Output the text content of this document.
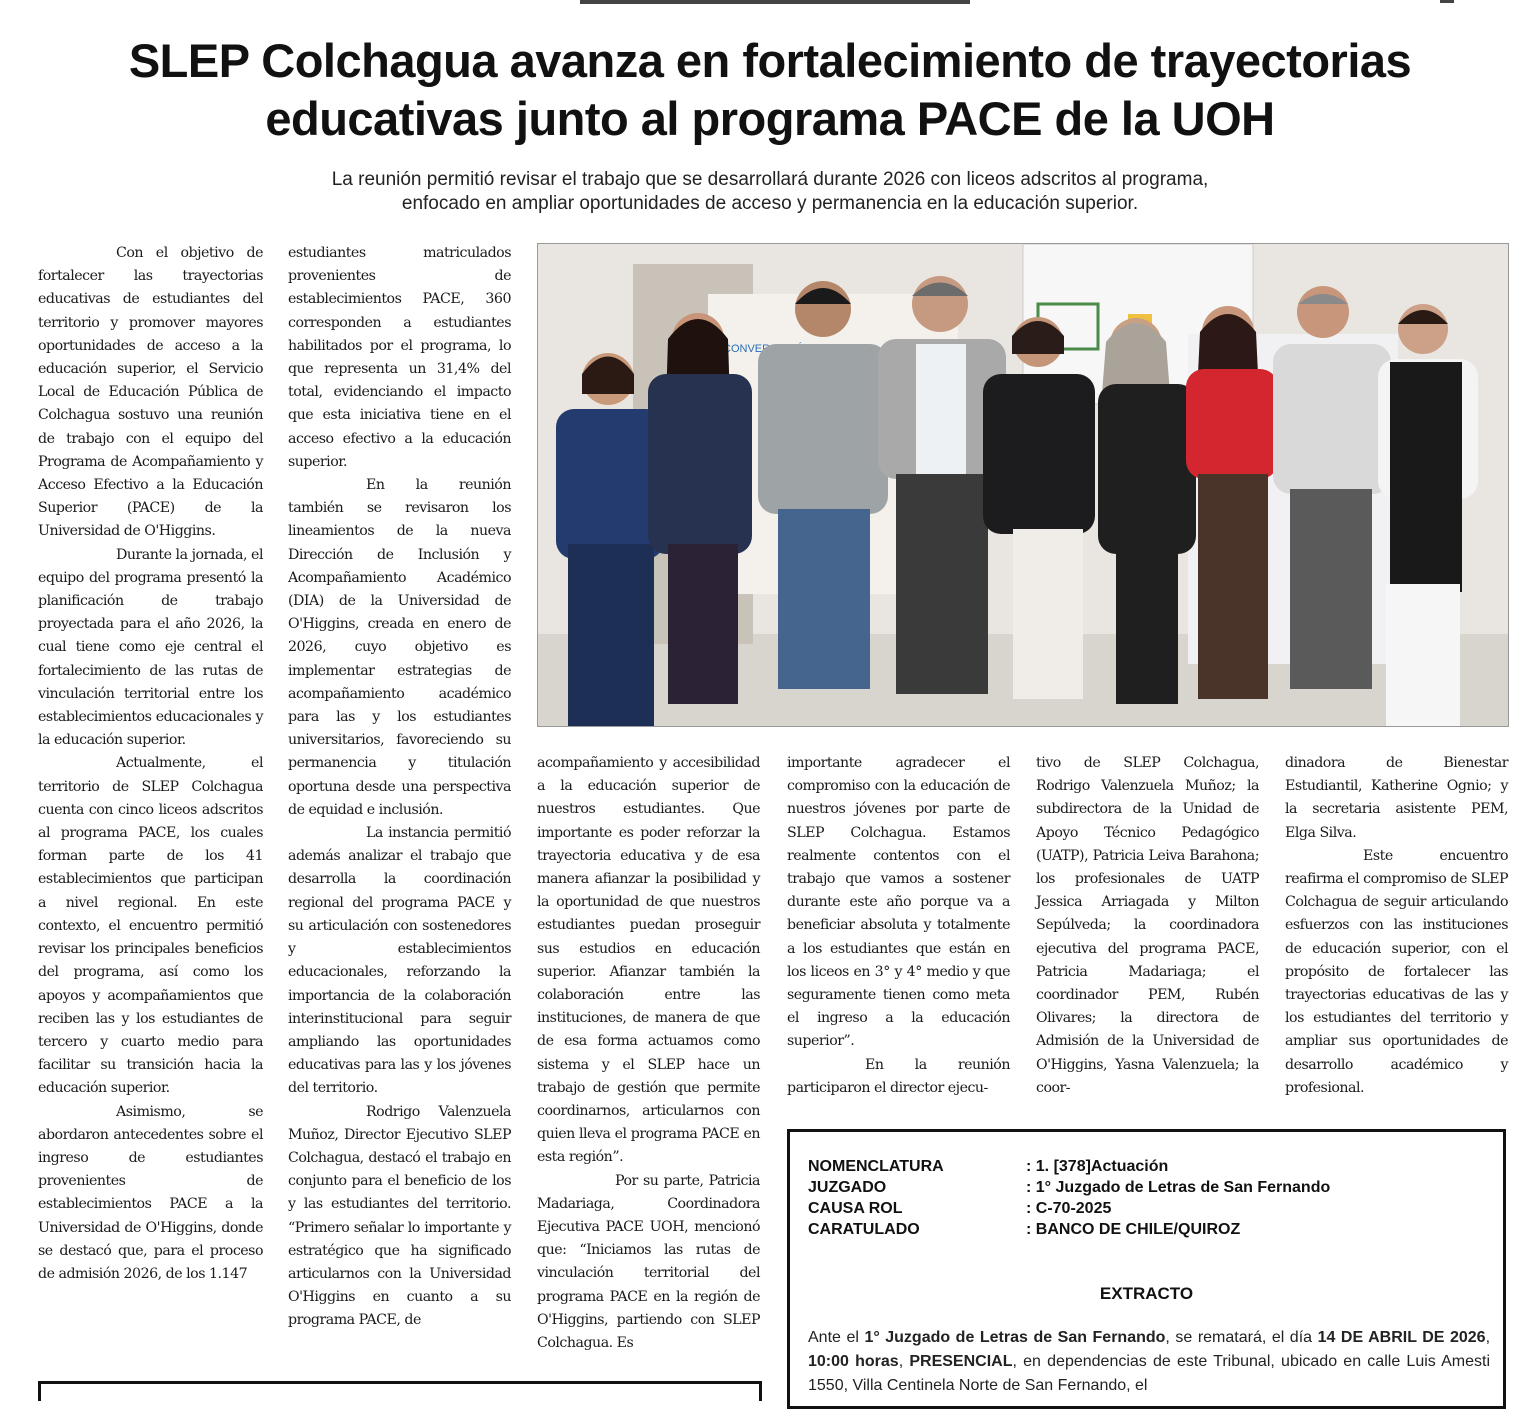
SLEP Colchagua avanza en fortalecimiento de trayectorias
educativas junto al programa PACE de la UOH

La reunión permitió revisar el trabajo que se desarrollará durante 2026 con liceos adscritos al programa,
enfocado en ampliar oportunidades de acceso y permanencia en la educación superior.

Con el objetivo de fortalecer las trayectorias educativas de estudiantes del territorio y promover mayores oportunidades de acceso a la educación superior, el Servicio Local de Educación Pública de Colchagua sostuvo una reunión de trabajo con el equipo del Programa de Acompañamiento y Acceso Efectivo a la Educación Superior (PACE) de la Universidad de O'Higgins.

Durante la jornada, el equipo del programa presentó la planificación de trabajo proyectada para el año 2026, la cual tiene como eje central el fortalecimiento de las rutas de vinculación territorial entre los establecimientos educacionales y la educación superior.

Actualmente, el territorio de SLEP Colchagua cuenta con cinco liceos adscritos al programa PACE, los cuales forman parte de los 41 establecimientos que participan a nivel regional. En este contexto, el encuentro permitió revisar los principales beneficios del programa, así como los apoyos y acompañamientos que reciben las y los estudiantes de tercero y cuarto medio para facilitar su transición hacia la educación superior.

Asimismo, se abordaron antecedentes sobre el ingreso de estudiantes provenientes de establecimientos PACE a la Universidad de O'Higgins, donde se destacó que, para el proceso de admisión 2026, de los 1.147

estudiantes matriculados provenientes de establecimientos PACE, 360 corresponden a estudiantes habilitados por el programa, lo que representa un 31,4% del total, evidenciando el impacto que esta iniciativa tiene en el acceso efectivo a la educación superior.

En la reunión también se revisaron los lineamientos de la nueva Dirección de Inclusión y Acompañamiento Académico (DIA) de la Universidad de O'Higgins, creada en enero de 2026, cuyo objetivo es implementar estrategias de acompañamiento académico para las y los estudiantes universitarios, favoreciendo su permanencia y titulación oportuna desde una perspectiva de equidad e inclusión.

La instancia permitió además analizar el trabajo que desarrolla la coordinación regional del programa PACE y su articulación con sostenedores y establecimientos educacionales, reforzando la importancia de la colaboración interinstitucional para seguir ampliando las oportunidades educativas para las y los jóvenes del territorio.

Rodrigo Valenzuela Muñoz, Director Ejecutivo SLEP Colchagua, destacó el trabajo en conjunto para el beneficio de los y las estudiantes del territorio. “Primero señalar lo importante y estratégico que ha significado articularnos con la Universidad O'Higgins en cuanto a su programa PACE, de

acompañamiento y accesibilidad a la educación superior de nuestros estudiantes. Que importante es poder reforzar la trayectoria educativa y de esa manera afianzar la posibilidad y la oportunidad de que nuestros estudiantes puedan proseguir sus estudios en educación superior. Afianzar también la colaboración entre las instituciones, de manera de que de esa forma actuamos como sistema y el SLEP hace un trabajo de gestión que permite coordinarnos, articularnos con quien lleva el programa PACE en esta región”.

Por su parte, Patricia Madariaga, Coordinadora Ejecutiva PACE UOH, mencionó que: “Iniciamos las rutas de vinculación territorial del programa PACE en la región de O'Higgins, partiendo con SLEP Colchagua. Es

importante agradecer el compromiso con la educación de nuestros jóvenes por parte de SLEP Colchagua. Estamos realmente contentos con el trabajo que vamos a sostener durante este año porque va a beneficiar absoluta y totalmente a los estudiantes que están en los liceos en 3° y 4° medio y que seguramente tienen como meta el ingreso a la educación superior”.

En la reunión participaron el director ejecu-

tivo de SLEP Colchagua, Rodrigo Valenzuela Muñoz; la subdirectora de la Unidad de Apoyo Técnico Pedagógico (UATP), Patricia Leiva Barahona; los profesionales de UATP Jessica Arriagada y Milton Sepúlveda; la coordinadora ejecutiva del programa PACE, Patricia Madariaga; el coordinador PEM, Rubén Olivares; la directora de Admisión de la Universidad de O'Higgins, Yasna Valenzuela; la coor-

dinadora de Bienestar Estudiantil, Katherine Ognio; y la secretaria asistente PEM, Elga Silva.

Este encuentro reafirma el compromiso de SLEP Colchagua de seguir articulando esfuerzos con las instituciones de educación superior, con el propósito de fortalecer las trayectorias educativas de las y los estudiantes del territorio y ampliar sus oportunidades de desarrollo académico y profesional.

NOMENCLATURA	: 1. [378]Actuación
JUZGADO	: 1° Juzgado de Letras de San Fernando
CAUSA ROL	: C-70-2025
CARATULADO	: BANCO DE CHILE/QUIROZ
EXTRACTO
Ante el 1° Juzgado de Letras de San Fernando, se rematará, el día 14 DE ABRIL DE 2026, 10:00 horas, PRESENCIAL, en dependencias de este Tribunal, ubicado en calle Luis Amesti 1550, Villa Centinela Norte de San Fernando, el
